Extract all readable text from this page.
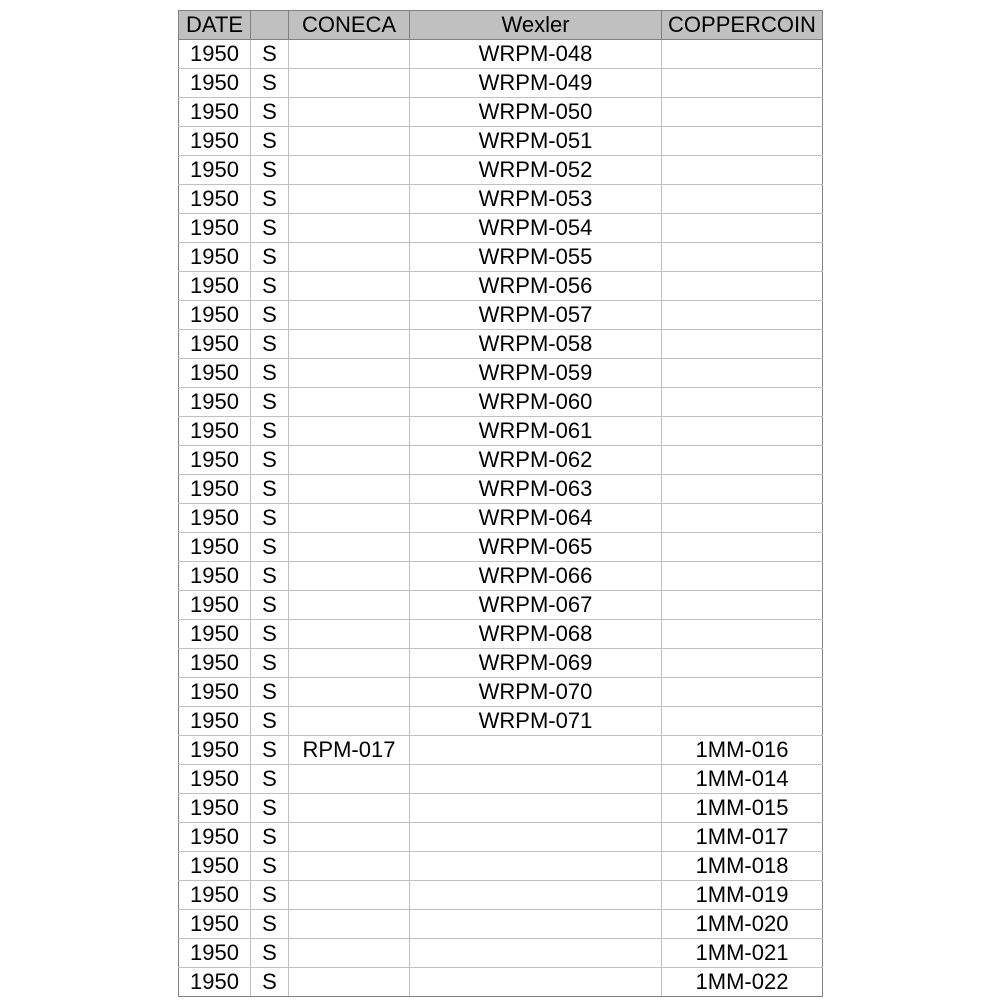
DATE		CONECA	Wexler	COPPERCOIN
1950	S		WRPM-048	
1950	S		WRPM-049	
1950	S		WRPM-050	
1950	S		WRPM-051	
1950	S		WRPM-052	
1950	S		WRPM-053	
1950	S		WRPM-054	
1950	S		WRPM-055	
1950	S		WRPM-056	
1950	S		WRPM-057	
1950	S		WRPM-058	
1950	S		WRPM-059	
1950	S		WRPM-060	
1950	S		WRPM-061	
1950	S		WRPM-062	
1950	S		WRPM-063	
1950	S		WRPM-064	
1950	S		WRPM-065	
1950	S		WRPM-066	
1950	S		WRPM-067	
1950	S		WRPM-068	
1950	S		WRPM-069	
1950	S		WRPM-070	
1950	S		WRPM-071	
1950	S	RPM-017		1MM-016
1950	S			1MM-014
1950	S			1MM-015
1950	S			1MM-017
1950	S			1MM-018
1950	S			1MM-019
1950	S			1MM-020
1950	S			1MM-021
1950	S			1MM-022
